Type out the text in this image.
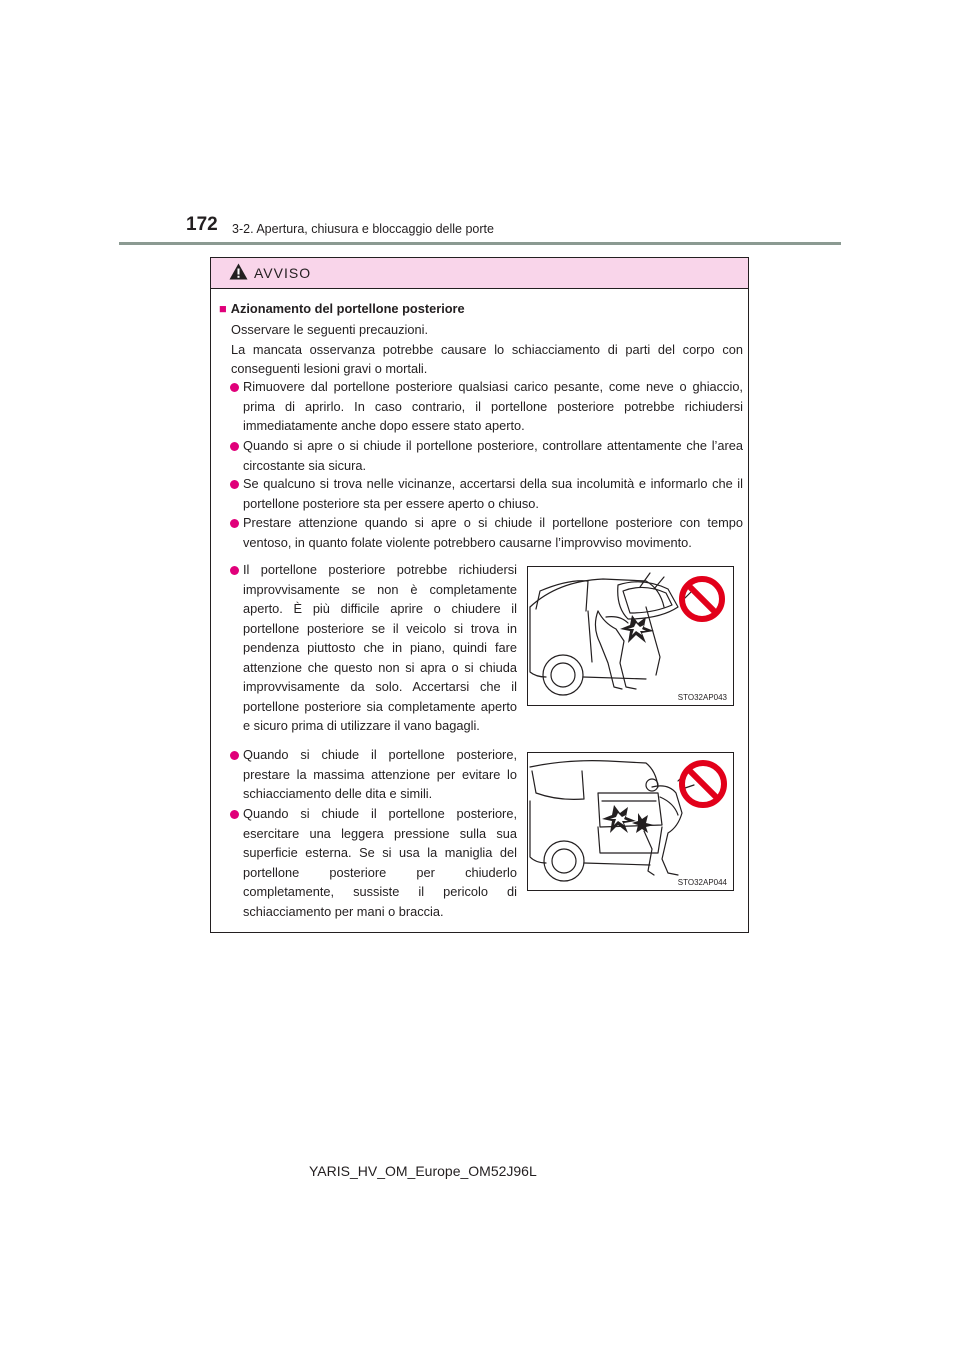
172 3-2. Apertura, chiusura e bloccaggio delle porte
AVVISO
■ Azionamento del portellone posteriore

Osservare le seguenti precauzioni.

La mancata osservanza potrebbe causare lo schiacciamento di parti del corpo con conseguenti lesioni gravi o mortali.

Rimuovere dal portellone posteriore qualsiasi carico pesante, come neve o ghiaccio, prima di aprirlo. In caso contrario, il portellone posteriore potrebbe richiudersi immediatamente anche dopo essere stato aperto.
Quando si apre o si chiude il portellone posteriore, controllare attentamente che l’area circostante sia sicura.
Se qualcuno si trova nelle vicinanze, accertarsi della sua incolumità e informarlo che il portellone posteriore sta per essere aperto o chiuso.
Prestare attenzione quando si apre o si chiude il portellone posteriore con tempo ventoso, in quanto folate violente potrebbero causarne l’improvviso movimento.
Il portellone posteriore potrebbe richiudersi improvvisamente se non è completamente aperto. È più difficile aprire o chiudere il portellone posteriore se il veicolo si trova in pendenza piuttosto che in piano, quindi fare attenzione che questo non si apra o si chiuda improvvisamente da solo. Accertarsi che il portellone posteriore sia completamente aperto e sicuro prima di utilizzare il vano bagagli.
Quando si chiude il portellone posteriore, prestare la massima attenzione per evitare lo schiacciamento delle dita e simili.
Quando si chiude il portellone posteriore, esercitare una leggera pressione sulla sua superficie esterna. Se si usa la maniglia del portellone posteriore per chiuderlo completamente, sussiste il pericolo di schiacciamento per mani o braccia.
STO32AP043
STO32AP044
YARIS_HV_OM_Europe_OM52J96L
